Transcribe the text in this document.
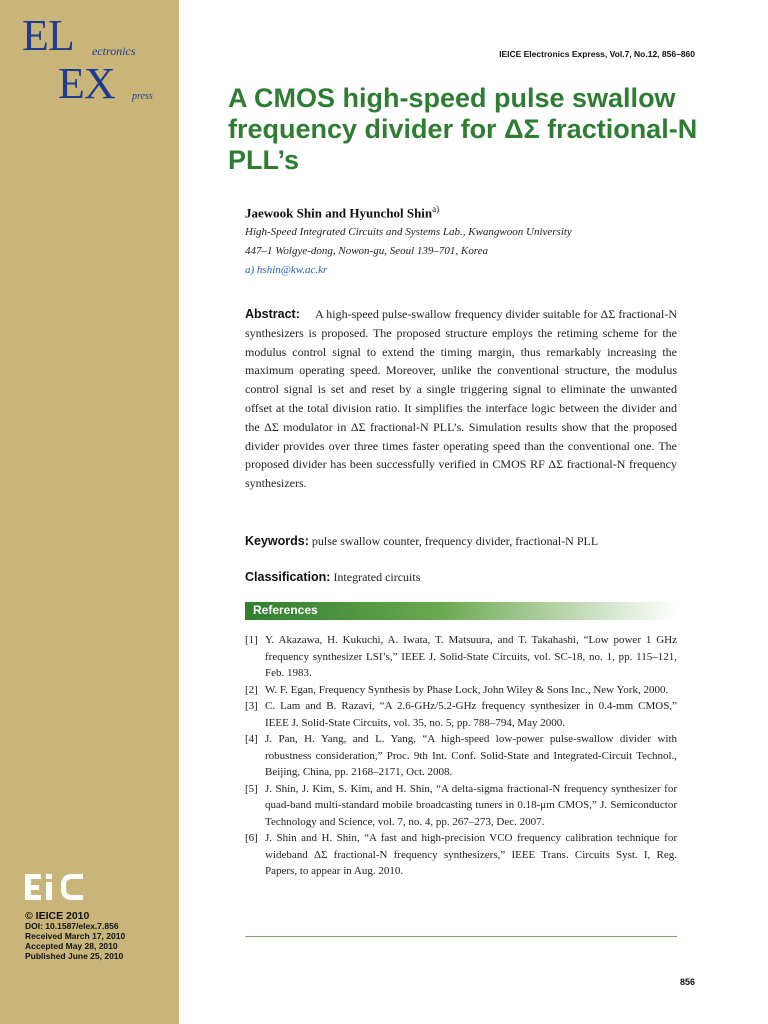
EL ectronics
EX press
© IEICE 2010
DOI: 10.1587/elex.7.856
Received March 17, 2010
Accepted May 28, 2010
Published June 25, 2010
IEICE Electronics Express, Vol.7, No.12, 856–860
A CMOS high-speed pulse swallow frequency divider for ΔΣ fractional-N PLL’s
Jaewook Shin and Hyunchol Shin$^{a)}$
High-Speed Integrated Circuits and Systems Lab., Kwangwoon University
447–1 Wolgye-dong, Nowon-gu, Seoul 139–701, Korea
a) hshin@kw.ac.kr

Abstract: A high-speed pulse-swallow frequency divider suitable for ΔΣ fractional-N synthesizers is proposed. The proposed structure employs the retiming scheme for the modulus control signal to extend the timing margin, thus remarkably increasing the maximum operating speed. Moreover, unlike the conventional structure, the modulus control signal is set and reset by a single triggering signal to eliminate the unwanted offset at the total division ratio. It simplifies the interface logic between the divider and the ΔΣ modulator in ΔΣ fractional-N PLL’s. Simulation results show that the proposed divider provides over three times faster operating speed than the conventional one. The proposed divider has been successfully verified in CMOS RF ΔΣ fractional-N frequency synthesizers.

Keywords: pulse swallow counter, frequency divider, fractional-N PLL
Classification: Integrated circuits
References
[1] Y. Akazawa, H. Kukuchi, A. Iwata, T. Matsuura, and T. Takahashi, “Low power 1 GHz frequency synthesizer LSI’s,” IEEE J. Solid-State Circuits, vol. SC-18, no. 1, pp. 115–121, Feb. 1983.
[2] W. F. Egan, Frequency Synthesis by Phase Lock, John Wiley & Sons Inc., New York, 2000.
[3] C. Lam and B. Razavi, “A 2.6-GHz/5.2-GHz frequency synthesizer in 0.4-mm CMOS,” IEEE J. Solid-State Circuits, vol. 35, no. 5, pp. 788–794, May 2000.
[4] J. Pan, H. Yang, and L. Yang, “A high-speed low-power pulse-swallow divider with robustness consideration,” Proc. 9th Int. Conf. Solid-State and Integrated-Circuit Technol., Beijing, China, pp. 2168–2171, Oct. 2008.
[5] J. Shin, J. Kim, S. Kim, and H. Shin, “A delta-sigma fractional-N frequency synthesizer for quad-band multi-standard mobile broadcasting tuners in 0.18-μm CMOS,” J. Semiconductor Technology and Science, vol. 7, no. 4, pp. 267–273, Dec. 2007.
[6] J. Shin and H. Shin, “A fast and high-precision VCO frequency calibration technique for wideband ΔΣ fractional-N frequency synthesizers,” IEEE Trans. Circuits Syst. I, Reg. Papers, to appear in Aug. 2010.
856
